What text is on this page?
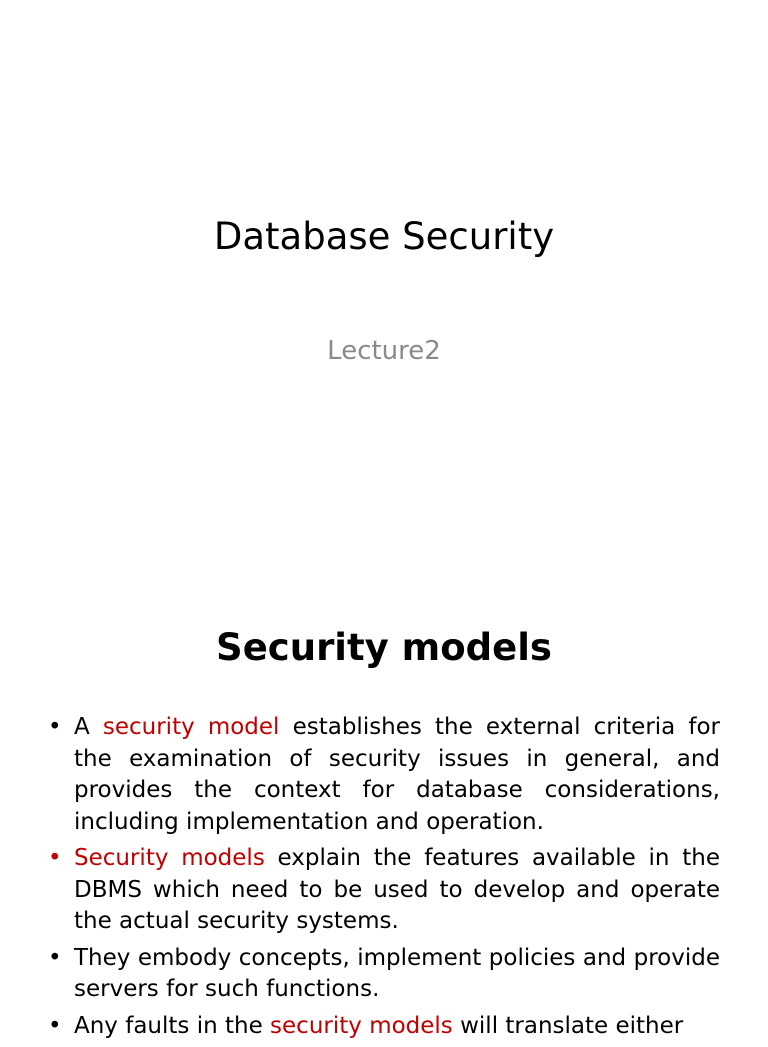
Database Security
Lecture2
Security models
• A security model establishes the external criteria for the examination of security issues in general, and provides the context for database considerations, including implementation and operation.
• Security models explain the features available in the DBMS which need to be used to develop and operate the actual security systems.
• They embody concepts, implement policies and provide servers for such functions.
• Any faults in the security models will translate either
